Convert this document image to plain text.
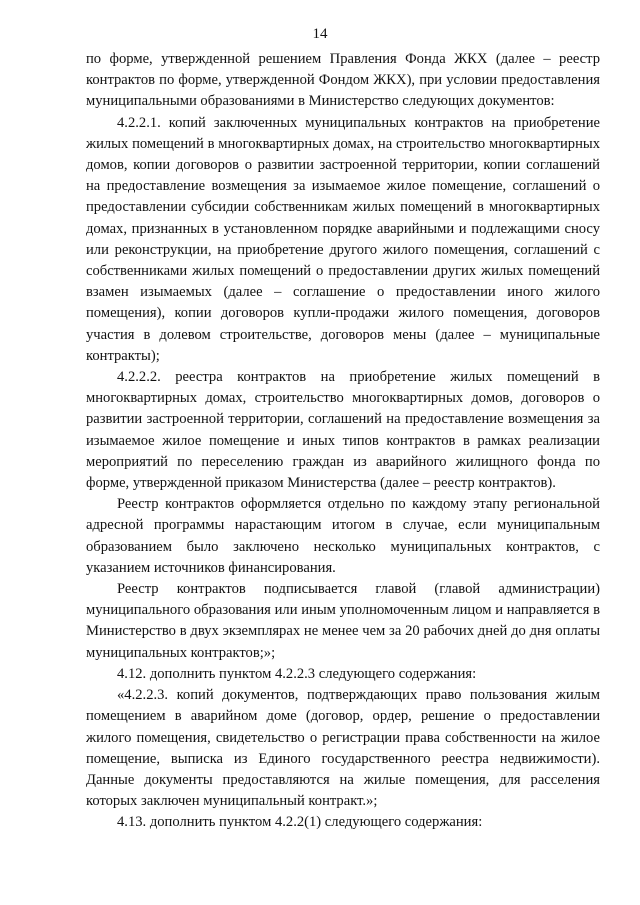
14

по форме, утвержденной решением Правления Фонда ЖКХ (далее – реестр контрактов по форме, утвержденной Фондом ЖКХ), при условии предоставления муниципальными образованиями в Министерство следующих документов:

4.2.2.1. копий заключенных муниципальных контрактов на приобретение жилых помещений в многоквартирных домах, на строительство многоквартирных домов, копии договоров о развитии застроенной территории, копии соглашений на предоставление возмещения за изымаемое жилое помещение, соглашений о предоставлении субсидии собственникам жилых помещений в многоквартирных домах, признанных в установленном порядке аварийными и подлежащими сносу или реконструкции, на приобретение другого жилого помещения, соглашений с собственниками жилых помещений о предоставлении других жилых помещений взамен изымаемых (далее – соглашение о предоставлении иного жилого помещения), копии договоров купли-продажи жилого помещения, договоров участия в долевом строительстве, договоров мены (далее – муниципальные контракты);

4.2.2.2. реестра контрактов на приобретение жилых помещений в многоквартирных домах, строительство многоквартирных домов, договоров о развитии застроенной территории, соглашений на предоставление возмещения за изымаемое жилое помещение и иных типов контрактов в рамках реализации мероприятий по переселению граждан из аварийного жилищного фонда по форме, утвержденной приказом Министерства (далее – реестр контрактов).

Реестр контрактов оформляется отдельно по каждому этапу региональной адресной программы нарастающим итогом в случае, если муниципальным образованием было заключено несколько муниципальных контрактов, с указанием источников финансирования.

Реестр контрактов подписывается главой (главой администрации) муниципального образования или иным уполномоченным лицом и направляется в Министерство в двух экземплярах не менее чем за 20 рабочих дней до дня оплаты муниципальных контрактов;»;

4.12. дополнить пунктом 4.2.2.3 следующего содержания:

«4.2.2.3. копий документов, подтверждающих право пользования жилым помещением в аварийном доме (договор, ордер, решение о предоставлении жилого помещения, свидетельство о регистрации права собственности на жилое помещение, выписка из Единого государственного реестра недвижимости). Данные документы предоставляются на жилые помещения, для расселения которых заключен муниципальный контракт.»;

4.13. дополнить пунктом 4.2.2(1) следующего содержания:
